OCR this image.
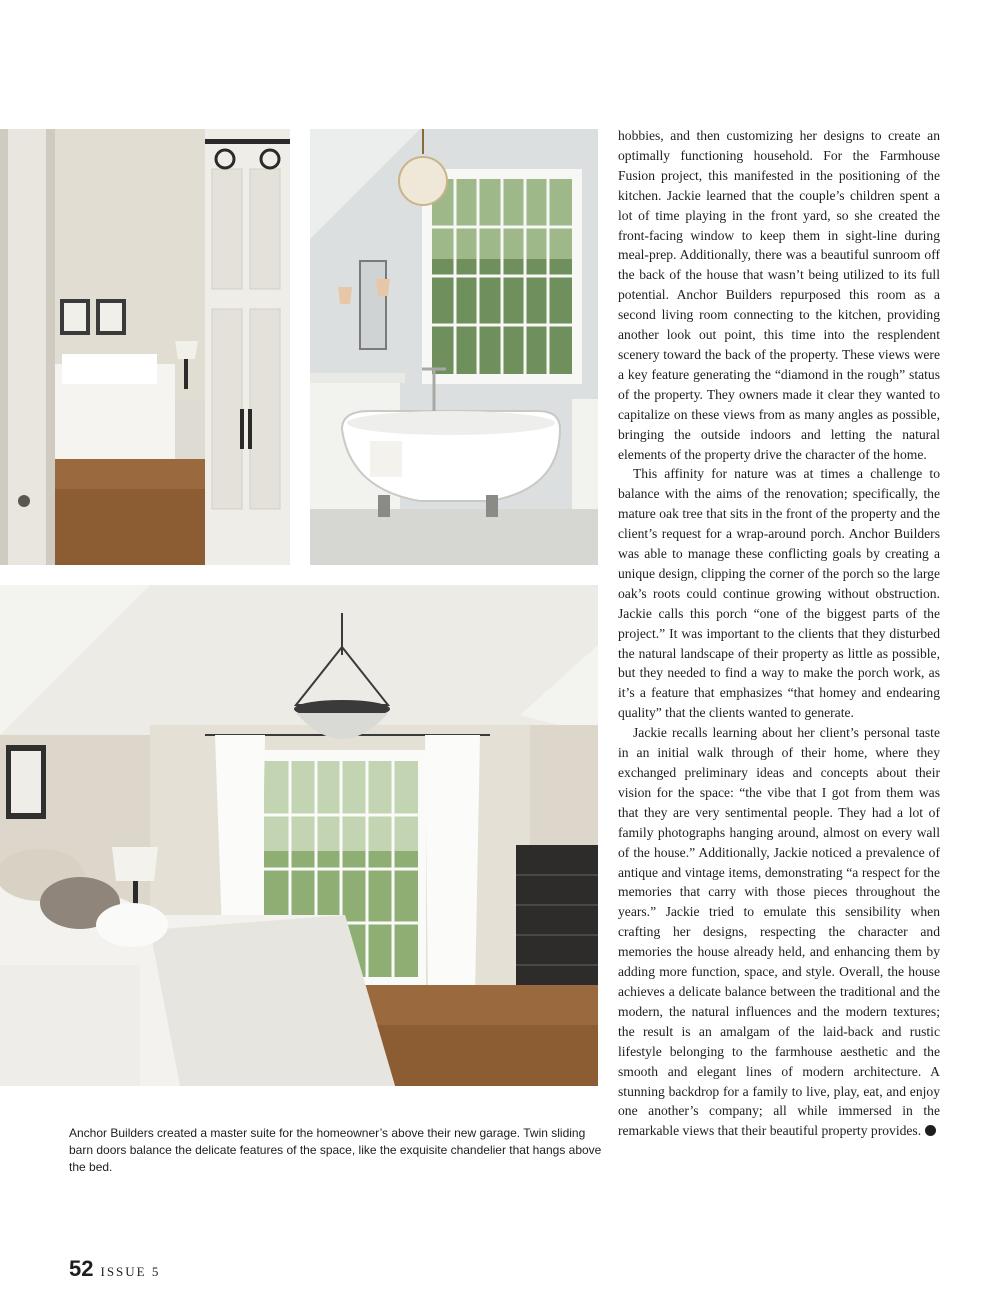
Anchor Builders created a master suite for the homeowner’s above their new garage. Twin sliding barn doors balance the delicate features of the space, like the exquisite chandelier that hangs above the bed.

hobbies, and then customizing her designs to create an optimally functioning household. For the Farmhouse Fusion project, this manifested in the positioning of the kitchen. Jackie learned that the couple’s children spent a lot of time playing in the front yard, so she created the front-facing window to keep them in sight-line during meal-prep. Additionally, there was a beautiful sunroom off the back of the house that wasn’t being utilized to its full potential. Anchor Builders repurposed this room as a second living room connecting to the kitchen, providing another look out point, this time into the resplendent scenery toward the back of the property. These views were a key feature generating the “diamond in the rough” status of the property. They owners made it clear they wanted to capitalize on these views from as many angles as possible, bringing the outside indoors and letting the natural elements of the property drive the character of the home.

This affinity for nature was at times a challenge to balance with the aims of the renovation; specifically, the mature oak tree that sits in the front of the property and the client’s request for a wrap-around porch. Anchor Builders was able to manage these conflicting goals by creating a unique design, clipping the corner of the porch so the large oak’s roots could continue growing without obstruction. Jackie calls this porch “one of the biggest parts of the project.” It was important to the clients that they disturbed the natural landscape of their property as little as possible, but they needed to find a way to make the porch work, as it’s a feature that emphasizes “that homey and endearing quality” that the clients wanted to generate.

Jackie recalls learning about her client’s personal taste in an initial walk through of their home, where they exchanged preliminary ideas and concepts about their vision for the space: “the vibe that I got from them was that they are very sentimental people. They had a lot of family photographs hanging around, almost on every wall of the house.” Additionally, Jackie noticed a prevalence of antique and vintage items, demonstrating “a respect for the memories that carry with those pieces throughout the years.” Jackie tried to emulate this sensibility when crafting her designs, respecting the character and memories the house already held, and enhancing them by adding more function, space, and style. Overall, the house achieves a delicate balance between the traditional and the modern, the natural influences and the modern textures; the result is an amalgam of the laid-back and rustic lifestyle belonging to the farmhouse aesthetic and the smooth and elegant lines of modern architecture. A stunning backdrop for a family to live, play, eat, and enjoy one another’s company; all while immersed in the remarkable views that their beautiful property provides.

52 ISSUE 5
